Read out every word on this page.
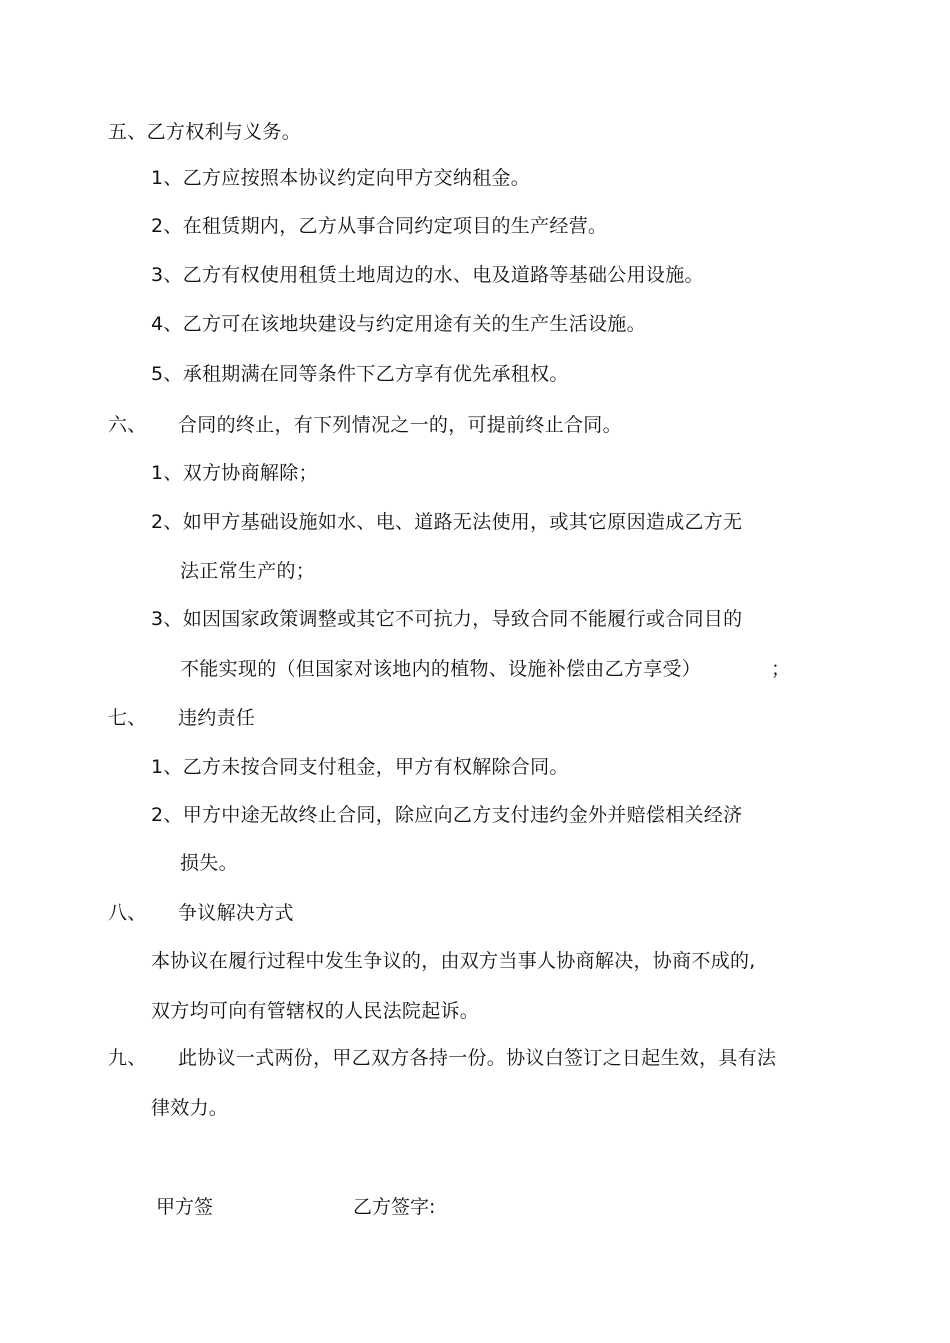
五、乙方权利与义务。
1、乙方应按照本协议约定向甲方交纳租金。
2、在租赁期内，乙方从事合同约定项目的生产经营。
3、乙方有权使用租赁土地周边的水、电及道路等基础公用设施。
4、乙方可在该地块建设与约定用途有关的生产生活设施。
5、承租期满在同等条件下乙方享有优先承租权。
六、 合同的终止，有下列情况之一的，可提前终止合同。
1、双方协商解除；
2、如甲方基础设施如水、电、道路无法使用，或其它原因造成乙方无
法正常生产的；
3、如因国家政策调整或其它不可抗力，导致合同不能履行或合同目的
不能实现的（但国家对该地内的植物、设施补偿由乙方享受）	；
七、 违约责任
1、乙方未按合同支付租金，甲方有权解除合同。
2、甲方中途无故终止合同，除应向乙方支付违约金外并赔偿相关经济
损失。
八、 争议解决方式
本协议在履行过程中发生争议的，由双方当事人协商解决，协商不成的,
双方均可向有管辖权的人民法院起诉。
九、 此协议一式两份，甲乙双方各持一份。协议白签订之日起生效，具有法
律效力。
甲方签	乙方签字:
